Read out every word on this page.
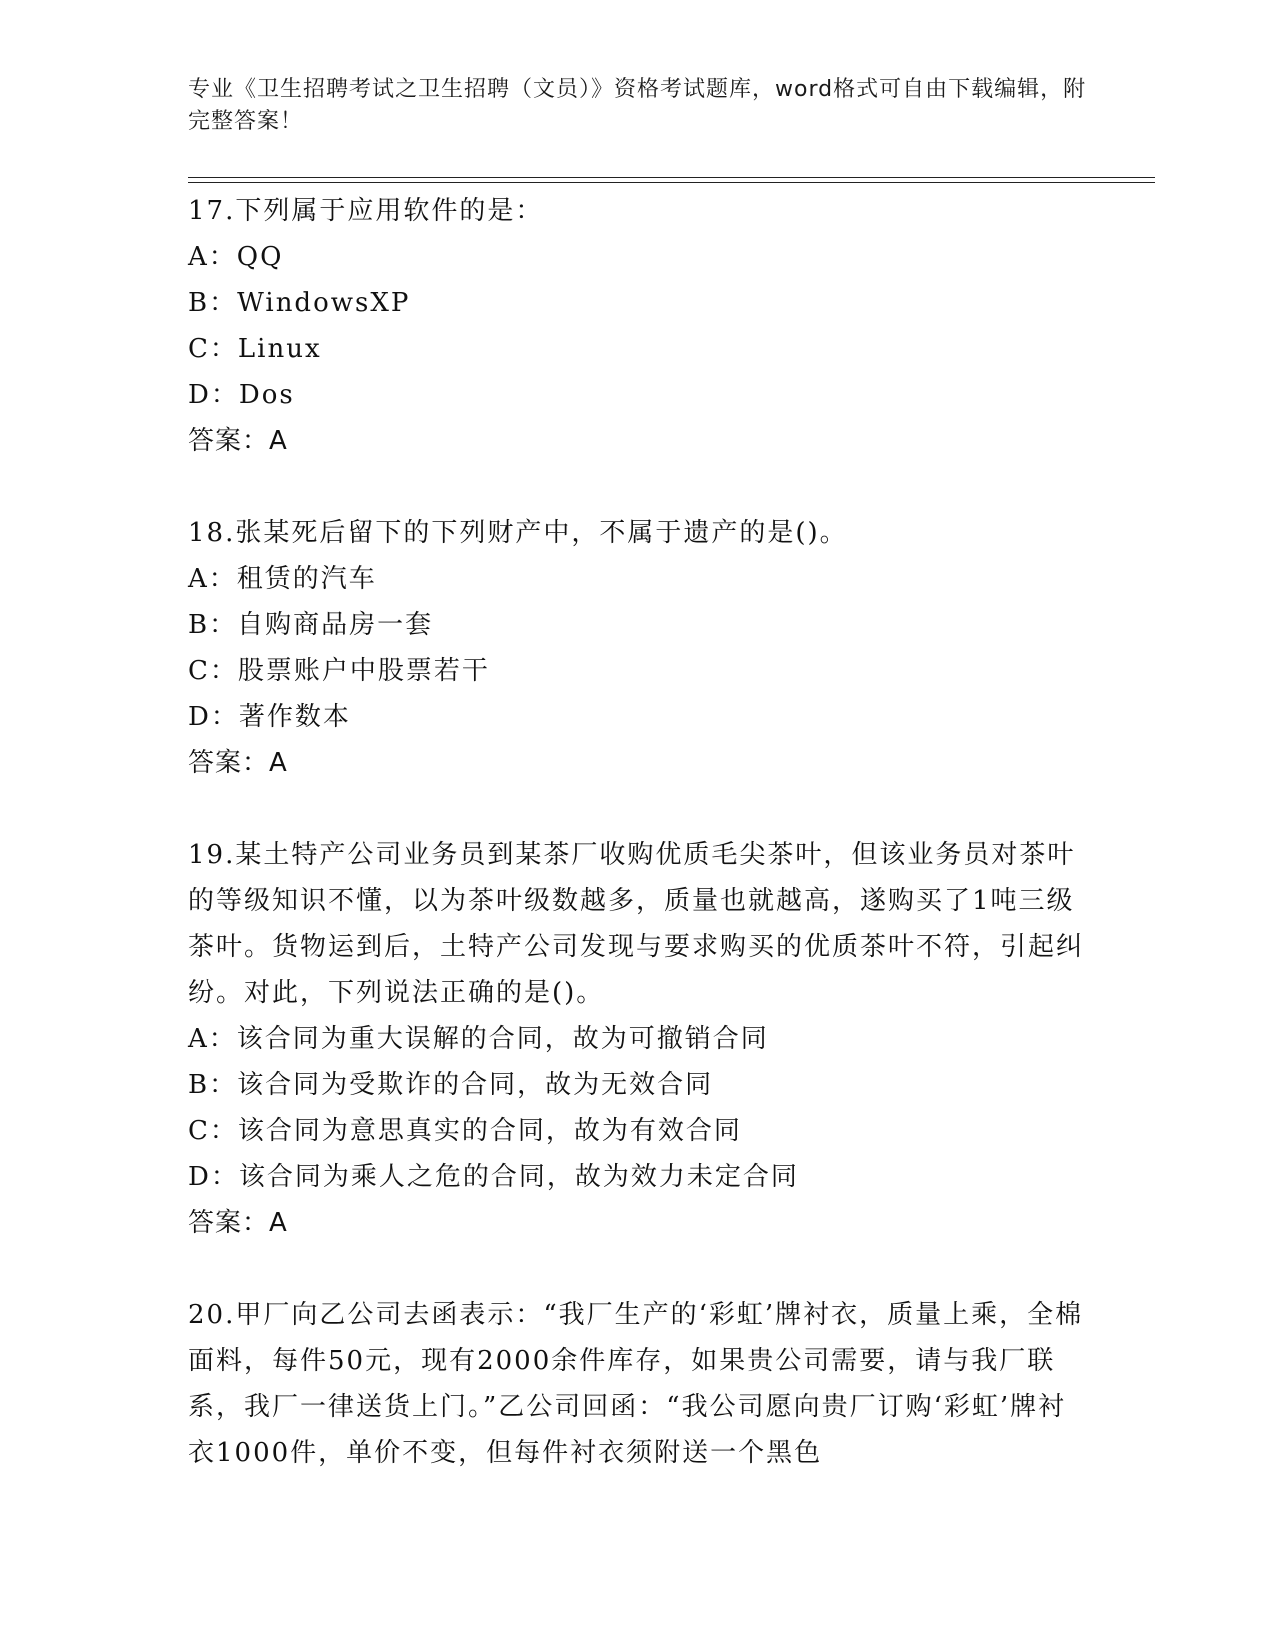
专业《卫生招聘考试之卫生招聘（文员）》资格考试题库，word格式可自由下载编辑，附完整答案！
17.下列属于应用软件的是：
A：QQ
B：WindowsXP
C：Linux
D：Dos
答案：A
18.张某死后留下的下列财产中，不属于遗产的是()。
A：租赁的汽车
B：自购商品房一套
C：股票账户中股票若干
D：著作数本
答案：A
19.某土特产公司业务员到某茶厂收购优质毛尖茶叶，但该业务员对茶叶的等级知识不懂，以为茶叶级数越多，质量也就越高，遂购买了1吨三级茶叶。货物运到后，土特产公司发现与要求购买的优质茶叶不符，引起纠纷。对此，下列说法正确的是()。
A：该合同为重大误解的合同，故为可撤销合同
B：该合同为受欺诈的合同，故为无效合同
C：该合同为意思真实的合同，故为有效合同
D：该合同为乘人之危的合同，故为效力未定合同
答案：A
20.甲厂向乙公司去函表示：“我厂生产的‘彩虹’牌衬衣，质量上乘，全棉面料，每件50元，现有2000余件库存，如果贵公司需要，请与我厂联系，我厂一律送货上门。”乙公司回函：“我公司愿向贵厂订购‘彩虹’牌衬衣1000件，单价不变，但每件衬衣须附送一个黑色
